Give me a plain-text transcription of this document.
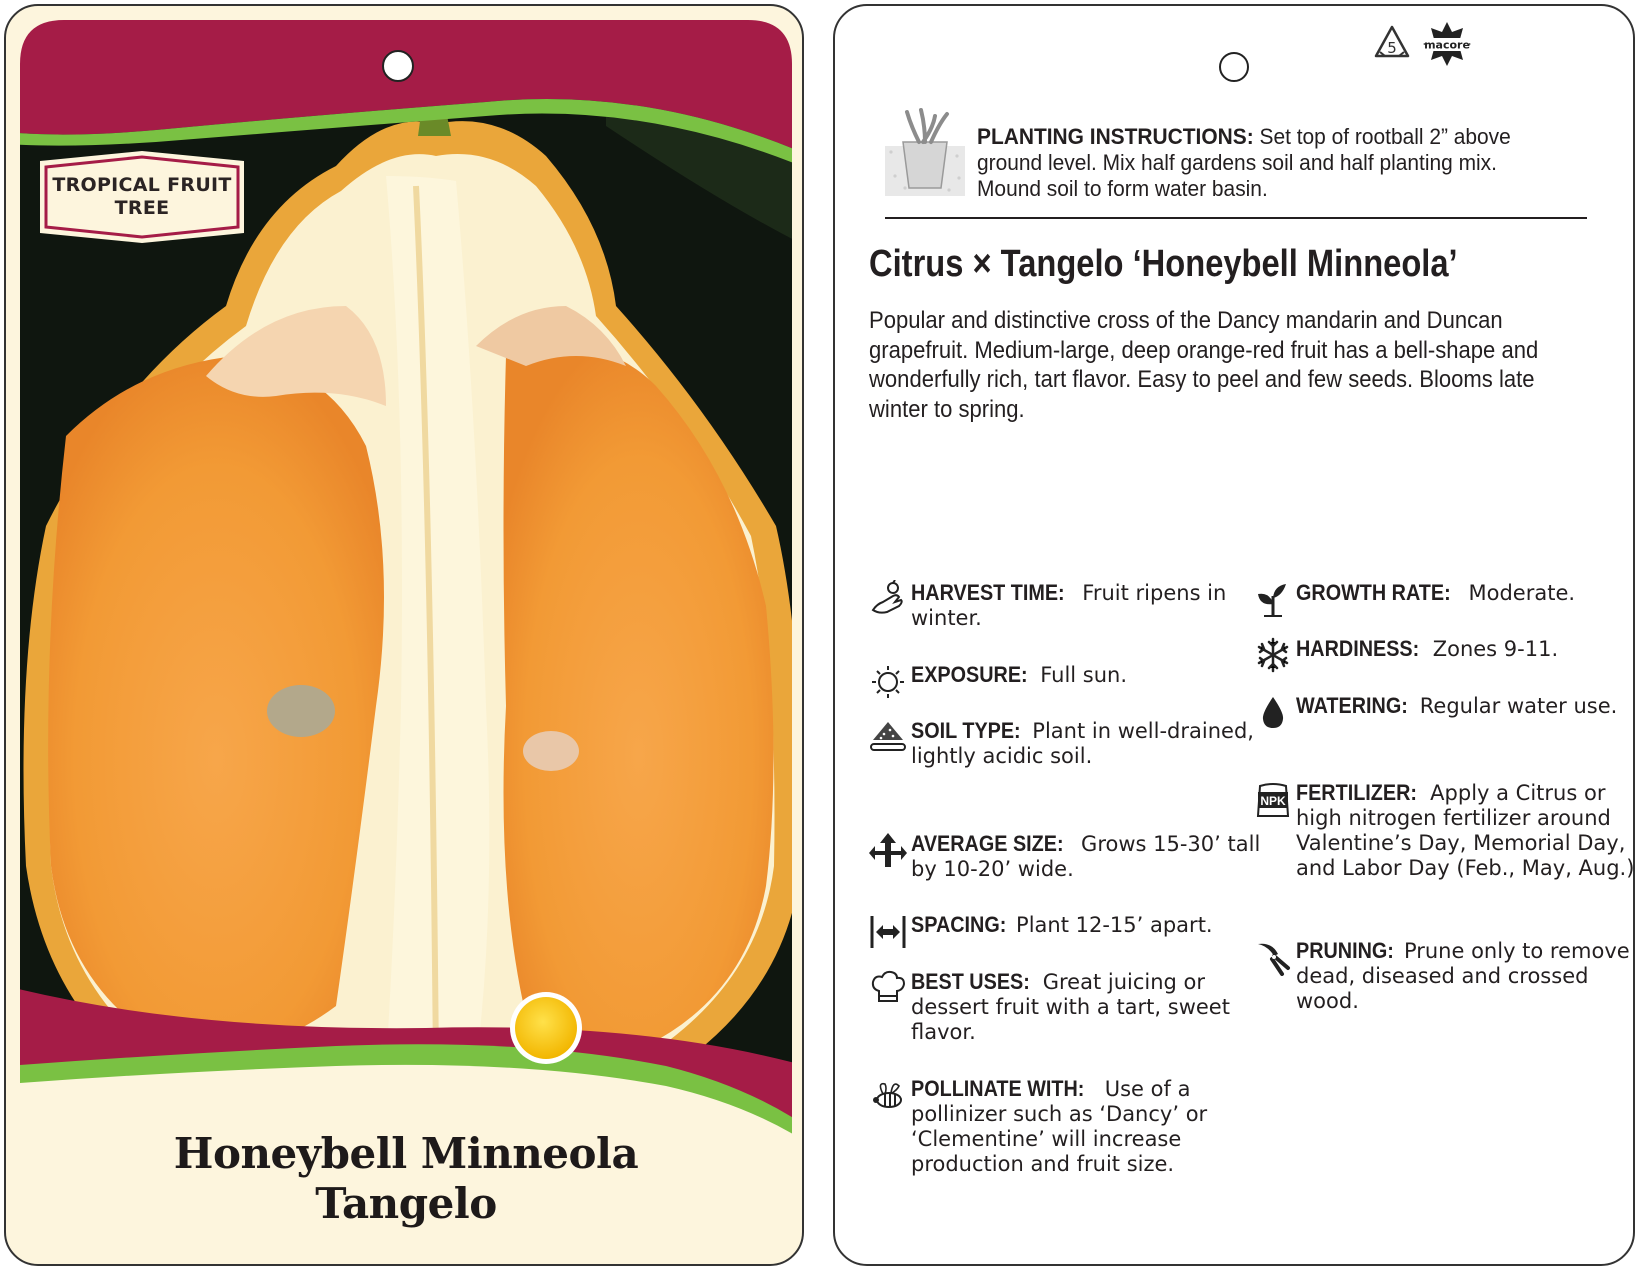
TROPICAL FRUIT
TREE
Honeybell Minneola
Tangelo
5 macore
PLANTING INSTRUCTIONS: Set top of rootball 2” above ground level. Mix half gardens soil and half planting mix. Mound soil to form water basin.
Citrus × Tangelo ‘Honeybell Minneola’
Popular and distinctive cross of the Dancy mandarin and Duncan grapefruit. Medium-large, deep orange-red fruit has a bell-shape and wonderfully rich, tart flavor. Easy to peel and few seeds. Blooms late winter to spring.
HARVEST TIME: Fruit ripens in winter.
EXPOSURE: Full sun.
SOIL TYPE: Plant in well-drained, lightly acidic soil.
AVERAGE SIZE: Grows 15-30’ tall by 10-20’ wide.
SPACING: Plant 12-15’ apart.
BEST USES: Great juicing or dessert fruit with a tart, sweet flavor.
POLLINATE WITH: Use of a pollinizer such as ‘Dancy’ or ‘Clementine’ will increase production and fruit size.
GROWTH RATE: Moderate.
HARDINESS: Zones 9-11.
WATERING: Regular water use.
NPK FERTILIZER: Apply a Citrus or high nitrogen fertilizer around Valentine’s Day, Memorial Day, and Labor Day (Feb., May, Aug.)
PRUNING: Prune only to remove dead, diseased and crossed wood.
